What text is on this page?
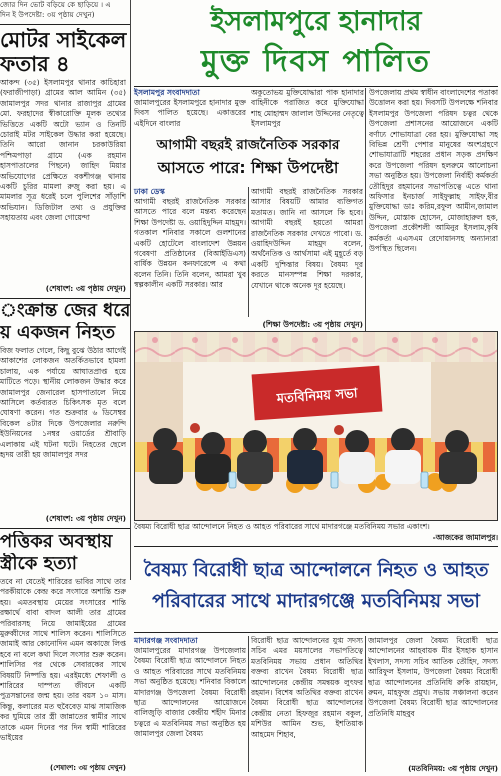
জোর দিন ভোট বড়িয়ে কে ছাড়িয়ে । এ
দিন ই উপদেষ্টা: ৩য় পৃষ্ঠায় দেখুন)
মোটর সাইকেল
ফতার ৪
আকন্দ (৩৫) ইসলামপুর থানার কাচিহারা (ফরাজীপাড়া) গ্রামের আল আমিন (৩৫) জামালপুর সদর থানার রাজাপুর গ্রামের মো. ফরহাদের স্বীকারোক্তি মূলক তথ্যের ভিত্তিতে একটি অটো ভ্যান ও তিনটি চোরাই মটর সাইকেল উদ্ধার করা হয়েছে। তিনি আরো জানান চরকাউরিয়া পশ্চিমপাড়া গ্রামে (এক রহমান হাসপাতালের পিছনে) জাহিদ মিয়ার অভিযোগের প্রেক্ষিতে বকশীগঞ্জ থানায় একটি চুরির মামলা রুজু করা হয়। এ মামলার সূত্র ধরেই চলে পুলিশের সাঁড়াশি অভিযান। ডিজিটাল তথ্য ও প্রযুক্তির সহায়তায় এবং জেলা গোয়েন্দা
(শেষাংশ: ৩য় পৃষ্ঠায় দেখুন)
ংক্রান্ত জের ধরে
য় একজন নিহত
বিজ ফলাত গেলে, কিছু বুঝে উঠার আগেই আকাশের লোকজন অতর্কিতভাবে হামলা চালায়, এক পর্যায়ে আঘাতপ্রাপ্ত হয়ে মাটিতে পড়ে। স্থানীয় লোকজন উদ্ধার করে জামালপুর জেনারেল হাসপাতালে নিয়ে আসিলে কর্তব্যরত চিকিৎসক মৃত বলে ঘোষণা করেন। গত শুক্রবার ৬ ডিসেম্বর বিকেল ৪টার দিকে উপজেলার নরুন্দি ইউনিয়নের ১নম্বর ওয়ার্ডের শ্রীবাড়ি এলাকায় এই ঘটনা ঘটে। নিহতের ছেলে হৃদয় তারী হয় জামালপুর সদর
(শেষাংশ: ৩য় পৃষ্ঠায় দেখুন)
পত্তিকর অবস্থায়
স্ত্রীকে হত্যা
তবে না যেতেই শারিরের ভাবির সাথে তার পরকীয়াকে কেন্দ্র করে সংসারে অশান্তি শুরু হয়। এমতবস্থায় মেয়ের সংসারের শান্তি রক্ষার্থে বাবা বাদল আলী তার গ্রামের পরিবারসহ নিয়ে জামাইয়ের গ্রামের মুরুব্বীদের সাথে শালিস করেন। শালিসিতে জামাই আর কোনোদিন এমন অকাজে লিপ্ত হবে না বলে কথা দিলে সংসার শুরু করেন। শালিসির পর থেকে সেবারকের সাথে বিষয়টি নিষ্পত্তি হয়। এরইমধ্যে শেফালী ও শারিরের দাম্পত্য জীবনে একটি পুত্রসন্তানের জন্ম হয়। তার বয়স ১০ মাস। কিন্তু, কলারের মত হুবৈবেড় মাঝ সামাজিক কর ঘুমিয়ে তার স্ত্রী জান্নাতের স্বামীর সাথে তাকে এমন দিনের পর দিন স্বামী শারিরের ভাইয়ের
(শেষাংশ: ৩য় পৃষ্ঠায় দেখুন)
ইসলামপুরে হানাদার
মুক্ত দিবস পালিত
ইসলামপুর সংবাদদাতা
জামালপুরের ইসলামপুরে হানাদার মুক্ত দিবস পালিত হয়েছে। একাত্তরের এইদিনে বাংলার
অকুতোভয় মুক্তিযোদ্ধারা পাক হানাদার বাহিনীকে পরাজিত করে মুক্তিযোদ্ধা শাহ মোহাম্মদ জালাল উদ্দিনের নেতৃত্বে ইসলামপুর
উপজেলায় প্রথম স্বাধীন বাংলাদেশের পতাকা উত্তোলন করা হয়। দিবসটি উপলক্ষে শনিবার ইসলামপুর উপজেলা পরিষদ চত্বর থেকে উপজেলা প্রশাসনের আয়োজনে একটি বর্ণাঢ্য শোভাযাত্রা বের হয়। মুক্তিযোদ্ধা সহ বিভিন্ন শ্রেণী পেশার মানুষের অংশগ্রহণে শোভাযাত্রাটি শহরের প্রধান সড়ক প্রদক্ষিণ করে উপজেলা পরিষদ হলরুমে আলোচনা সভা অনুষ্ঠিত হয়। উপজেলা নির্বাহী কর্মকর্তা তৌহিদুর রহমানের সভাপতিত্বে এতে থানা অফিসার ইনচার্জ সাইফুল্লাহ সাইফ,বীর মুক্তিযোদ্ধা ডাঃ করিম,রফুল আমীন,জামাল উদ্দিন, মোস্তাক হোসেন, মোজাহারুল হক, উপজেলা প্রকৌশলী আমিনুর ইসলাম,কৃষি কর্মকর্তা এএসএম রেদোয়ানসহ অন্যান্যরা উপস্থিত ছিলেন।
আগামী বছরই রাজনৈতিক সরকার
আসতে পারে: শিক্ষা উপদেষ্টা
ঢাকা ডেস্ক
আগামী বছরই রাজনৈতিক সরকার আসতে পারে বলে মন্তব্য করেছেন শিক্ষা উপদেষ্টা ড. ওয়াহিদুদ্দিন মাহমুদ। গতকাল শনিবার সকালে গুলশানের একটি হোটেলে বাংলাদেশ উন্নয়ন গবেষণা প্রতিষ্ঠানের (বিআইডিএস) বার্ষিক উন্নয়ন কনফারেন্সে এ কথা বলেন তিনি। তিনি বলেন, আমরা খুব স্বল্পকালীন একটি সরকার। আর
আগামী বছরই রাজনৈতিক সরকার আসার বিষয়টি আমার ব্যক্তিগত মতামত। জানি না আসলে কি হবে। আগামী বছরই হয়তো আমরা রাজনৈতিক সরকার দেখতে পাবো। ড. ওয়াহিদউদ্দিন মাহমুদ বলেন, অর্থনৈতিক ও আর্থসামা এই মুহূর্তে বড় একটি দুশ্চিন্তার বিষয়। বৈষম্য দূর করতে মানসম্পন্ন শিক্ষা দরকার, যেখানে থাকে অনেক দূর হয়েছে।
(শিক্ষা উপদেষ্টা: ৩য় পৃষ্ঠায় দেখুন)
মতবিনিময় সভা
বৈষম্য বিরোধী ছাত্র আন্দোলনে নিহত ও আহত পরিবারের সাথে মাদারগঞ্জে মতবিনিময় সভার একাংশ।
-আজকের জামালপুর।
বৈষম্য বিরোধী ছাত্র আন্দোলনে নিহত ও আহত
পরিবারের সাথে মাদারগঞ্জে মতবিনিময় সভা
মাদারগঞ্জ সংবাদদাতা
জামালপুরের মাদারগঞ্জ উপজেলায় বৈষম্য বিরোধী ছাত্র আন্দোলনে নিহত ও আহত পরিবারের সাথে মতবিনিময় সভা অনুষ্ঠিত হয়েছে। শনিবার বিকালে মাদারগঞ্জ উপজেলা বৈষম্য বিরোধী ছাত্র আন্দোলনের আয়োজনে বালিজুড়ি বাজার কেন্দ্রীয় শহীদ মিনার চত্বরে এ মতবিনিময় সভা অনুষ্ঠিত হয় জামালপুর জেলা বৈষম্য
বিরোধী ছাত্র আন্দোলনের যুগ্ম সদস্য সচিব এমর ময়সালের সভাপতিত্বে মতবিনিময় সভায় প্রধান অতিথির বক্তব্য রাখেন বৈষম্য বিরোধী ছাত্র আন্দোলনের কেন্দ্রীয় সমন্বয়ক লুৎফর রহমান। বিশেষ অতিথির বক্তব্য রাখেন বৈষম্য বিরোধী ছাত্র আন্দোলনের কেন্দ্রীয় নেতা হিফজুর রহমান বকুল, মশিউর আমিন শুভ, ইশতিয়াক আহমেদ শিহাব,
জামালপুর জেলা বৈষম্য বিরোধী ছাত্র আন্দোলনের আহবায়ক মীর ইসহাক হাসান ইখলাস, সদস্য সচিব আতিক তৌহিদ, সদস্য আরিফুল ইসলাম, উপজেলা বৈষম্য বিরোধী ছাত্র আন্দোলনের প্রতিনিধি রুকি রায়হান, রুমন, মাহফুজ প্রমুখ। সভায় সঞ্চালনা করেন উপজেলা বৈষম্য বিরোধী ছাত্র আন্দোলনের প্রতিনিধি মাহবুব
(মতবিনিময়: ৩য় পৃষ্ঠায় দেখুন)
